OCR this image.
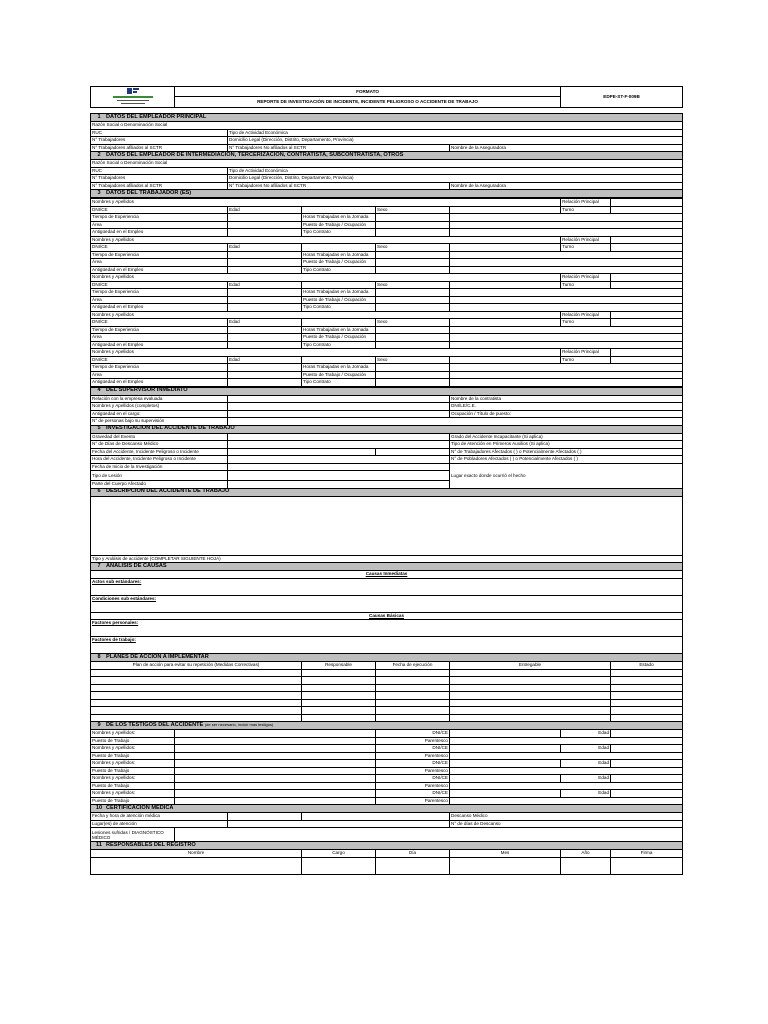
	FORMATO			EDPE-ST-F-009B
	REPORTE DE INVESTIGACIÓN DE INCIDENTE, INCIDENTE PELIGROSO O ACCIDENTE DE TRABAJO			

1 DATOS DEL EMPLEADOR PRINCIPAL				
Razón Social o Denominación Social				
RUC		Tipo de Actividad Económica		
N° Trabajadores		Domicilio Legal (Dirección, Distrito, Departamento, Provincia)		
N° Trabajadores afiliados al SCTR		N° Trabajadores No afiliados al SCTR	Nombre de la Aseguradora	
2 DATOS DEL EMPLEADOR DE INTERMEDIACIÓN, TERCERIZACIÓN, CONTRATISTA, SUBCONTRATISTA, OTROS				
Razón Social o Denominación Social				
RUC		Tipo de Actividad Económica		
N° Trabajadores		Domicilio Legal (Dirección, Distrito, Departamento, Provincia)		
N° Trabajadores afiliados al SCTR		N° Trabajadores No afiliados al SCTR	Nombre de la Aseguradora	
3 DATOS DEL TRABAJADOR (ES)				
Nombres y Apellidos					Relación Principal	
DNI/CE	Edad		Sexo		Turno	
Tiempo de Experiencia		Horas Trabajadas en la Jornada				
Área		Puesto de Trabajo / Ocupación				
Antigüedad en el Empleo		Tipo Contrato				
Nombres y Apellidos					Relación Principal	
DNI/CE	Edad		Sexo		Turno	
Tiempo de Experiencia		Horas Trabajadas en la Jornada				
Área		Puesto de Trabajo / Ocupación				
Antigüedad en el Empleo		Tipo Contrato				
Nombres y Apellidos					Relación Principal	
DNI/CE	Edad		Sexo		Turno	
Tiempo de Experiencia		Horas Trabajadas en la Jornada				
Área		Puesto de Trabajo / Ocupación				
Antigüedad en el Empleo		Tipo Contrato				
Nombres y Apellidos					Relación Principal	
DNI/CE	Edad		Sexo		Turno	
Tiempo de Experiencia		Horas Trabajadas en la Jornada				
Área		Puesto de Trabajo / Ocupación				
Antigüedad en el Empleo		Tipo Contrato				
Nombres y Apellidos					Relación Principal	
DNI/CE	Edad		Sexo		Turno	
Tiempo de Experiencia		Horas Trabajadas en la Jornada				
Área		Puesto de Trabajo / Ocupación				
Antigüedad en el Empleo		Tipo Contrato				
4 DEL SUPERVISOR INMEDIATO							
Relación con la empresa evaluada					Nombre de la contratista		
Nombres y Apellidos (completos)					DNI/LE/C.E.		
Antigüedad en el cargo:					Ocupación / Título de puesto:		
N° de personas bajo su supervisión							
5 INVESTIGACIÓN DEL ACCIDENTE DE TRABAJO							
Gravedad del Evento					Grado del Accidente Incapacitante (Si aplica)		
N° de Días de Descanso Médico					Tipo de Atención en Primeros Auxilios (Si aplica)		
Fecha del Accidente, Incidente Peligroso o Incidente					N° de Trabajadores Afectados ( ) o Potencialmente Afectados ( )		
Hora del Accidente, Incidente Peligroso o Incidente					N° de Pobladores Afectados ( ) o Potencialmente Afectados ( )		
Fecha de Inicio de la Investigación					Lugar exacto donde ocurrió el hecho		
Tipo de Lesión							
Parte del Cuerpo Afectado							
6 DESCRIPCIÓN DEL ACCIDENTE DE TRABAJO							

Tipo y Análisis de accidente (COMPLETAR SIGUIENTE HOJA)							
7 ANÁLISIS DE CAUSAS							
Causas Inmediatas							
Actos sub estándares:							
Condiciones sub estándares:							
Causas Básicas							
Factores personales:							
Factores de trabajo:							
8 PLANES DE ACCIÓN A IMPLEMENTAR							
Plan de acción para evitar su repetición (Medidas Correctivas)			Responsable	Fecha de ejecución	Entregable		Estado

9 DE LOS TESTIGOS DEL ACCIDENTE (de ser necesario, incluir mas testigos)							
Nombres y Apellidos:				DNI/CE		Edad	
Puesto de Trabajo				Parentesco			
Nombres y Apellidos:				DNI/CE		Edad	
Puesto de Trabajo				Parentesco			
Nombres y Apellidos:				DNI/CE		Edad	
Puesto de Trabajo				Parentesco			
Nombres y Apellidos:				DNI/CE		Edad	
Puesto de Trabajo				Parentesco			
Nombres y Apellidos:				DNI/CE		Edad	
Puesto de Trabajo				Parentesco			
10 CERTIFICACIÓN MÉDICA							
Fecha y hora de atención médica					Descanso Médico		
Lugar(es) de atención					N° de días de Descanso		
Lesiones sufridas / DIAGNÓSTICO MÉDICO							
11 RESPONSABLES DEL REGISTRO							
Nombre			Cargo	Día	Mes	Año	Firma
